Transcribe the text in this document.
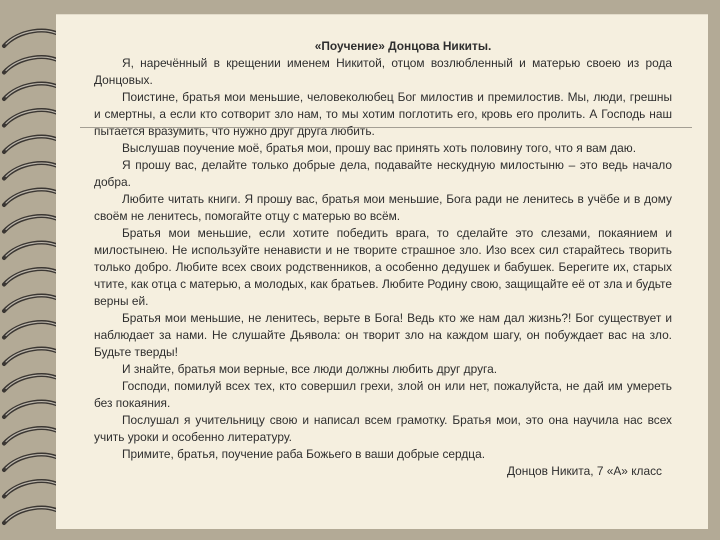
«Поучение» Донцова Никиты.

Я, наречённый в крещении именем Никитой, отцом возлюбленный и матерью своею из рода Донцовых.

Поистине, братья мои меньшие, человеколюбец Бог милостив и премилостив. Мы, люди, грешны и смертны, а если кто сотворит зло нам, то мы хотим поглотить его, кровь его пролить. А Господь наш пытается вразумить, что нужно друг друга любить.

Выслушав поучение моё, братья мои, прошу вас принять хоть половину того, что я вам даю.

Я прошу вас, делайте только добрые дела, подавайте нескудную милостыню – это ведь начало добра.

Любите читать книги. Я прошу вас, братья мои меньшие, Бога ради не ленитесь в учёбе и в дому своём не ленитесь, помогайте отцу с матерью во всём.

Братья мои меньшие, если хотите победить врага, то сделайте это слезами, покаянием и милостынею. Не используйте ненависти и не творите страшное зло. Изо всех сил старайтесь творить только добро. Любите всех своих родственников, а особенно дедушек и бабушек. Берегите их, старых чтите, как отца с матерью, а молодых, как братьев. Любите Родину свою, защищайте её от зла и будьте верны ей.

Братья мои меньшие, не ленитесь, верьте в Бога! Ведь кто же нам дал жизнь?! Бог существует и наблюдает за нами. Не слушайте Дьявола: он творит зло на каждом шагу, он побуждает вас на зло. Будьте тверды!

И знайте, братья мои верные, все люди должны любить друг друга.

Господи, помилуй всех тех, кто совершил грехи, злой он или нет, пожалуйста, не дай им умереть без покаяния.

Послушал я учительницу свою и написал всем грамотку. Братья мои, это она научила нас всех учить уроки и особенно литературу.

Примите, братья, поучение раба Божьего в ваши добрые сердца.

Донцов Никита, 7 «А» класс
